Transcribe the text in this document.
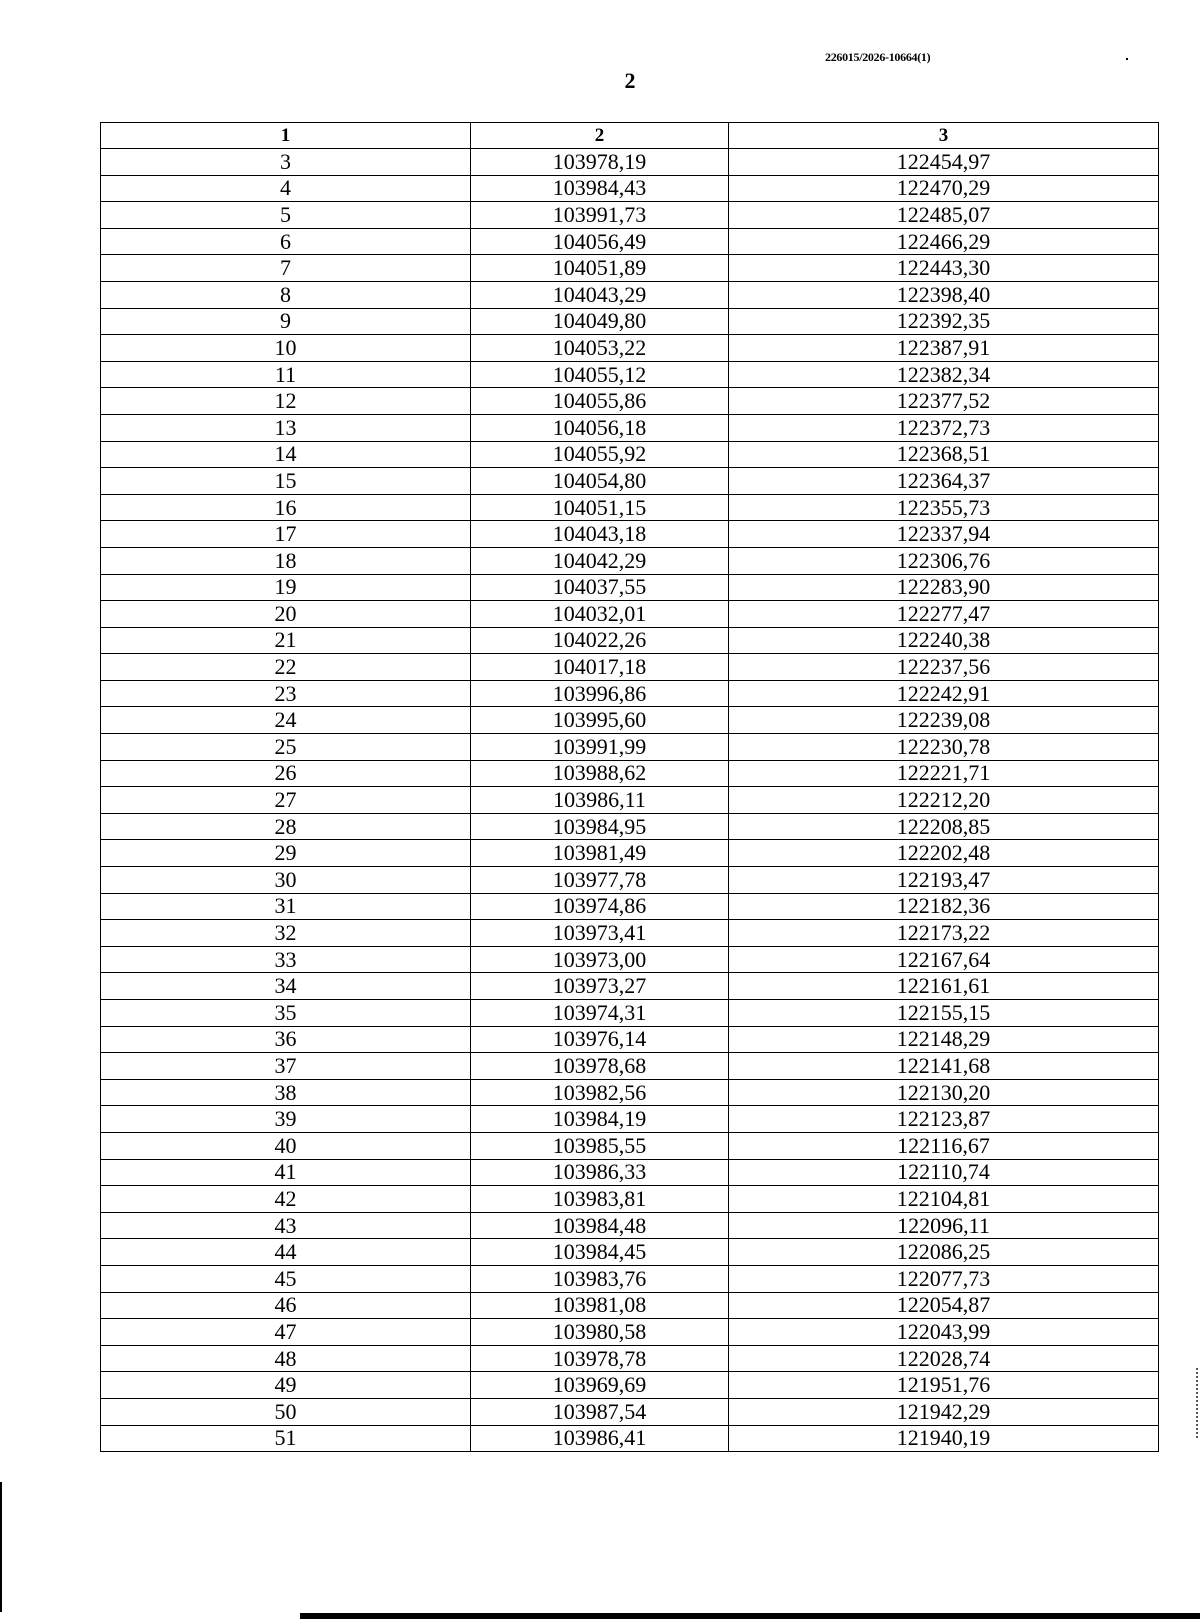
226015/2026-10664(1)
2
1	2	3
3	103978,19	122454,97
4	103984,43	122470,29
5	103991,73	122485,07
6	104056,49	122466,29
7	104051,89	122443,30
8	104043,29	122398,40
9	104049,80	122392,35
10	104053,22	122387,91
11	104055,12	122382,34
12	104055,86	122377,52
13	104056,18	122372,73
14	104055,92	122368,51
15	104054,80	122364,37
16	104051,15	122355,73
17	104043,18	122337,94
18	104042,29	122306,76
19	104037,55	122283,90
20	104032,01	122277,47
21	104022,26	122240,38
22	104017,18	122237,56
23	103996,86	122242,91
24	103995,60	122239,08
25	103991,99	122230,78
26	103988,62	122221,71
27	103986,11	122212,20
28	103984,95	122208,85
29	103981,49	122202,48
30	103977,78	122193,47
31	103974,86	122182,36
32	103973,41	122173,22
33	103973,00	122167,64
34	103973,27	122161,61
35	103974,31	122155,15
36	103976,14	122148,29
37	103978,68	122141,68
38	103982,56	122130,20
39	103984,19	122123,87
40	103985,55	122116,67
41	103986,33	122110,74
42	103983,81	122104,81
43	103984,48	122096,11
44	103984,45	122086,25
45	103983,76	122077,73
46	103981,08	122054,87
47	103980,58	122043,99
48	103978,78	122028,74
49	103969,69	121951,76
50	103987,54	121942,29
51	103986,41	121940,19
